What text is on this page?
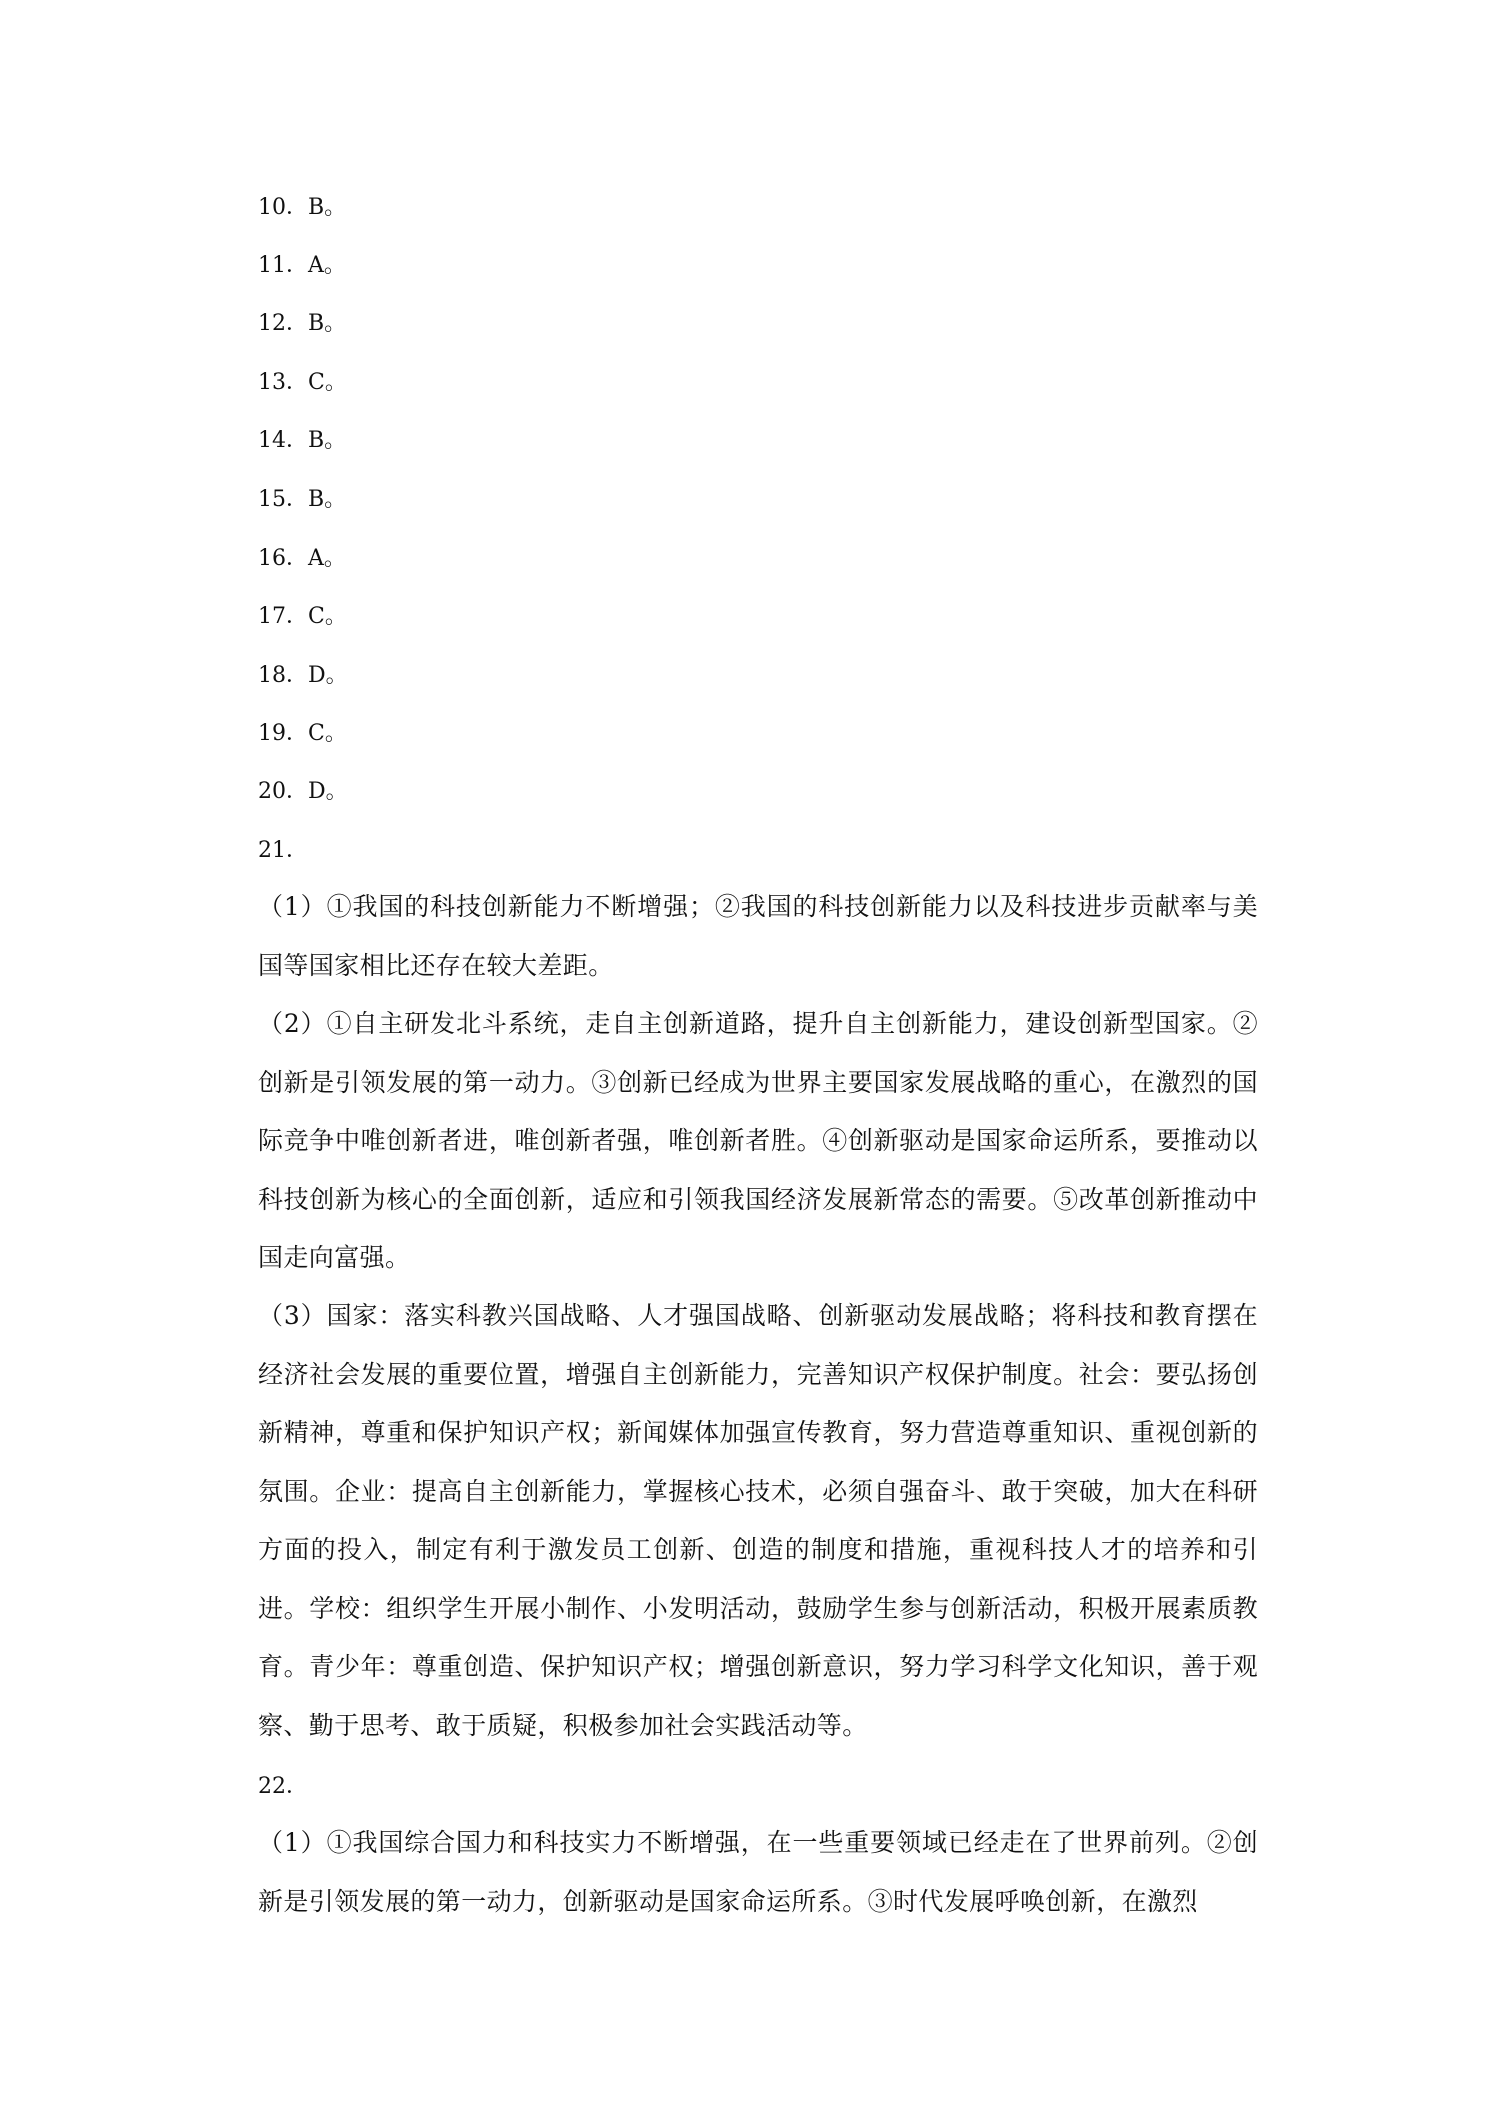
10．B。
11．A。
12．B。
13．C。
14．B。
15．B。
16．A。
17．C。
18．D。
19．C。
20．D。
21．

（1）①我国的科技创新能力不断增强；②我国的科技创新能力以及科技进步贡献率与美国等国家相比还存在较大差距。

（2）①自主研发北斗系统，走自主创新道路，提升自主创新能力，建设创新型国家。②创新是引领发展的第一动力。③创新已经成为世界主要国家发展战略的重心，在激烈的国际竞争中唯创新者进，唯创新者强，唯创新者胜。④创新驱动是国家命运所系，要推动以科技创新为核心的全面创新，适应和引领我国经济发展新常态的需要。⑤改革创新推动中国走向富强。

（3）国家：落实科教兴国战略、人才强国战略、创新驱动发展战略；将科技和教育摆在经济社会发展的重要位置，增强自主创新能力，完善知识产权保护制度。社会：要弘扬创新精神，尊重和保护知识产权；新闻媒体加强宣传教育，努力营造尊重知识、重视创新的氛围。企业：提高自主创新能力，掌握核心技术，必须自强奋斗、敢于突破，加大在科研方面的投入，制定有利于激发员工创新、创造的制度和措施，重视科技人才的培养和引进。学校：组织学生开展小制作、小发明活动，鼓励学生参与创新活动，积极开展素质教育。青少年：尊重创造、保护知识产权；增强创新意识，努力学习科学文化知识，善于观察、勤于思考、敢于质疑，积极参加社会实践活动等。

22．

（1）①我国综合国力和科技实力不断增强，在一些重要领域已经走在了世界前列。②创新是引领发展的第一动力，创新驱动是国家命运所系。③时代发展呼唤创新，在激烈
